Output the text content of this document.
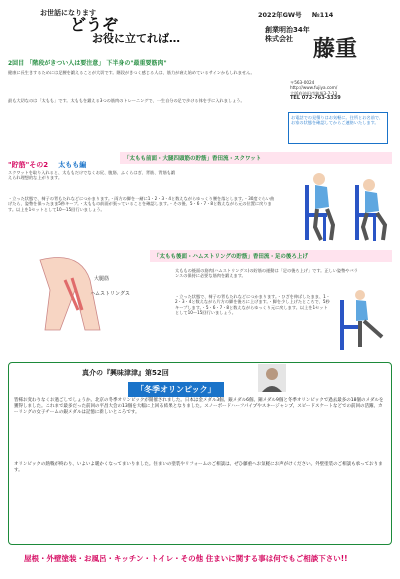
お世話になります
どうぞ
お役に立てれば…
2022年GW号 №114
創業明治34年 株式会社 藤重
〒563-0024
http://www.fujiya.com/
大阪府池田市鉢塚3-7-13
TEL 072-763-3339
2回目 「階段がきつい人は要注意」 下半身の"最重要筋肉"
健康に長生きするためには足腰を鍛えることが大切です。階段がきつく感じる人は、筋力が衰え始めているサインかもしれません。
最も大切なのは「太もも」です。太ももを鍛える3つの筋肉のトレーニングで、一生自分の足で歩ける体を手に入れましょう。
お電話での見積りはお気軽に。住所とお名前で、お家の状態を確認してからご連絡いたします。
"貯筋"その2 太もも編
「太もも前面・大腿四頭筋の貯筋」香田流・スクワット
スクワットを取り入れると、太ももだけでなくお尻、腹筋、ふくらはぎ、背筋、背筋も鍛えられ理想的な上がります。
・立った状態で、椅子の背もたれなどにつかまります。・両方の脚を一緒に1・2・3・4と数えながらゆっくり腰を落とします。・30度ぐらい曲げたら、姿勢を保ったまま5秒キープ。・太ももの前面が張っていることを確認します。・その後、5・6・7・8と数えながら元の位置に戻ります。以上を1セットとして10〜15回行いましょう。
大腿筋
ハムストリングス
「太もも後面・ハムストリングの貯筋」香田流・足の後ろ上げ
太ももの後面の筋肉(ハムストリングス)の貯筋の運動は「足の後ろ上げ」です。正しい姿勢やバランスの保持に必要な筋肉を鍛えます。
・立った状態で、椅子の背もたれなどにつかまります。・ひざを伸ばしたまま、1・2・3・4と数えながら片方の脚を後ろに上げます。・脚を少し上げたところで、5秒キープします。・5・6・7・8と数えながらゆっくり元に戻します。以上を1セットとして10〜15回行いましょう。
真介の『興味津津』第52回
「冬季オリンピック」
皆様お変わりなくお過ごしでしょうか。北京の冬季オリンピックが開催されました。日本は金メダル3個、銀メダル6個、銅メダル9個と冬季オリンピックで過去最多の18個のメダルを獲得しました。これまで最多だった前回の平昌大会の13個を大幅に上回る結果となりました。スノーボードハーフパイプやスキージャンプ、スピードスケートなどでの前回の活躍、カーリングの女子チームの銀メダルは記憶に新しいところです。
オリンピックの熱戦が終わり、いよいよ暖かくなってまいりました。住まいの塗装やリフォームのご相談は、ぜひ藤重へお気軽にお声がけください。外壁塗装のご相談も承っております。
屋根・外壁塗装・お風呂・キッチン・トイレ・その他 住まいに関する事は何でもご相談下さい!!
